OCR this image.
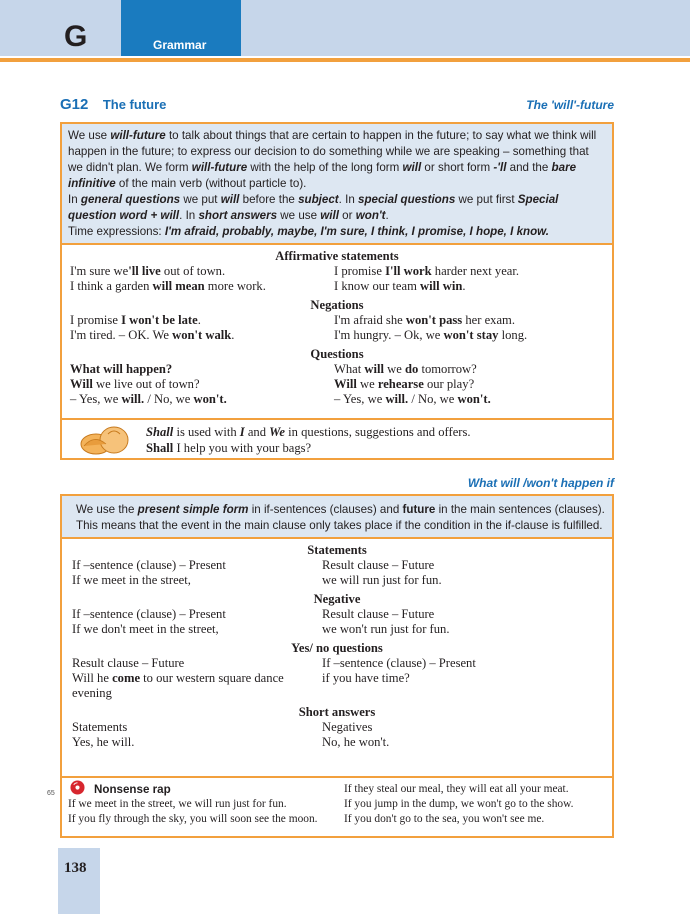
G	Grammar
G12 The future	The 'will'-future
We use will-future to talk about things that are certain to happen in the future; to say what we think will happen in the future; to express our decision to do something while we are speaking – something that we didn't plan. We form will-future with the help of the long form will or short form -'ll and the bare infinitive of the main verb (without particle to).
In general questions we put will before the subject. In special questions we put first Special question word + will. In short answers we use will or won't.
Time expressions: I'm afraid, probably, maybe, I'm sure, I think, I promise, I hope, I know.
Affirmative statements
I'm sure we'll live out of town.	I promise I'll work harder next year.
I think a garden will mean more work.	I know our team will win.
Negations
I promise I won't be late.	I'm afraid she won't pass her exam.
I'm tired. – OK. We won't walk.	I'm hungry. – Ok, we won't stay long.
Questions
What will happen?	What will we do tomorrow?
Will we live out of town?	Will we rehearse our play?
– Yes, we will. / No, we won't.	– Yes, we will. / No, we won't.
Shall is used with I and We in questions, suggestions and offers.
Shall I help you with your bags?
What will /won't happen if
We use the present simple form in if-sentences (clauses) and future in the main sentences (clauses). This means that the event in the main clause only takes place if the condition in the if-clause is fulfilled.
Statements
If –sentence (clause) – Present	Result clause – Future
If we meet in the street,	we will run just for fun.
Negative
If –sentence (clause) – Present	Result clause – Future
If we don't meet in the street,	we won't run just for fun.
Yes/ no questions
Result clause – Future	If –sentence (clause) – Present
Will he come to our western square dance	if you have time?
evening
Short answers
Statements	Negatives
Yes, he will.	No, he won't.
Nonsense rap
If we meet in the street, we will run just for fun.
If you fly through the sky, you will soon see the moon.
If they steal our meal, they will eat all your meat.
If you jump in the dump, we won't go to the show.
If you don't go to the sea, you won't see me.
65
138
